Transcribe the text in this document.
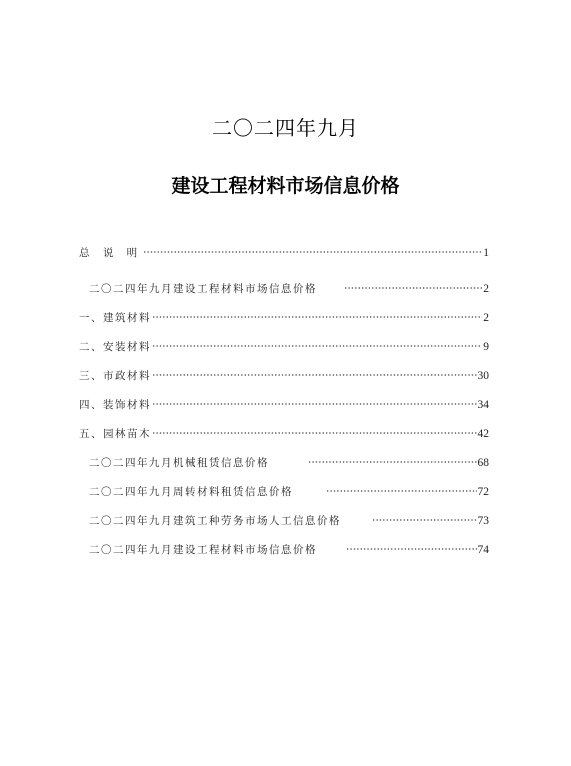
二〇二四年九月
建设工程材料市场信息价格
总 说 明	1
二〇二四年九月建设工程材料市场信息价格	2
一、建筑材料	2
二、安装材料	9
三、市政材料	30
四、装饰材料	34
五、园林苗木	42
二〇二四年九月机械租赁信息价格	68
二〇二四年九月周转材料租赁信息价格	72
二〇二四年九月建筑工种劳务市场人工信息价格	73
二〇二四年九月建设工程材料市场信息价格	74
